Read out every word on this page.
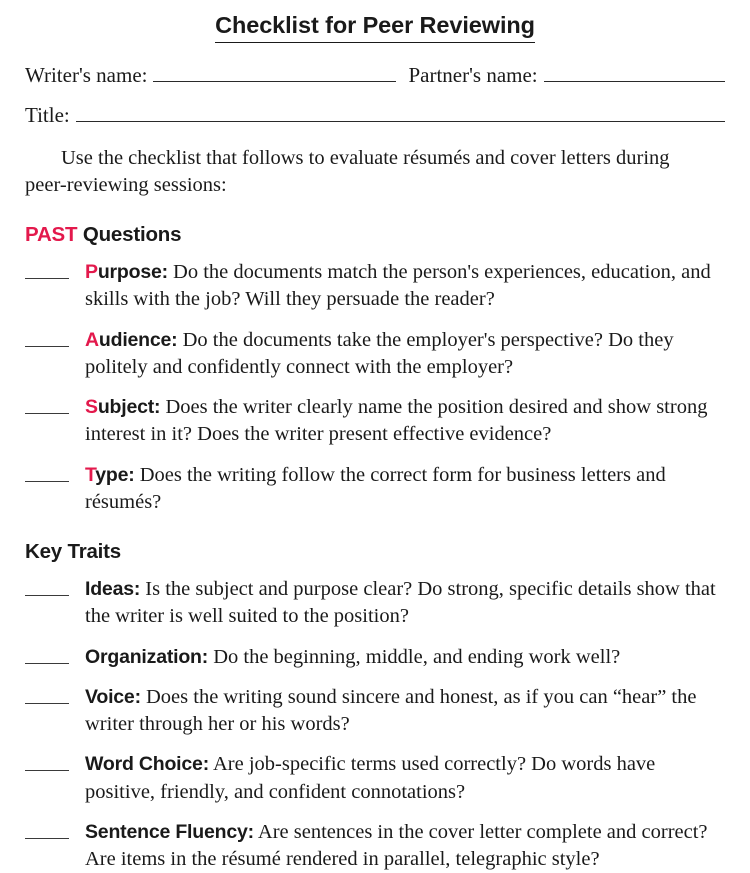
Checklist for Peer Reviewing
Writer's name:	Partner's name:
Title:

Use the checklist that follows to evaluate résumés and cover letters during peer-reviewing sessions:

PAST Questions
Purpose: Do the documents match the person's experiences, education, and skills with the job? Will they persuade the reader?
Audience: Do the documents take the employer's perspective? Do they politely and confidently connect with the employer?
Subject: Does the writer clearly name the position desired and show strong interest in it? Does the writer present effective evidence?
Type: Does the writing follow the correct form for business letters and résumés?
Key Traits
Ideas: Is the subject and purpose clear? Do strong, specific details show that the writer is well suited to the position?
Organization: Do the beginning, middle, and ending work well?
Voice: Does the writing sound sincere and honest, as if you can “hear” the writer through her or his words?
Word Choice: Are job-specific terms used correctly? Do words have positive, friendly, and confident connotations?
Sentence Fluency: Are sentences in the cover letter complete and correct? Are items in the résumé rendered in parallel, telegraphic style?
